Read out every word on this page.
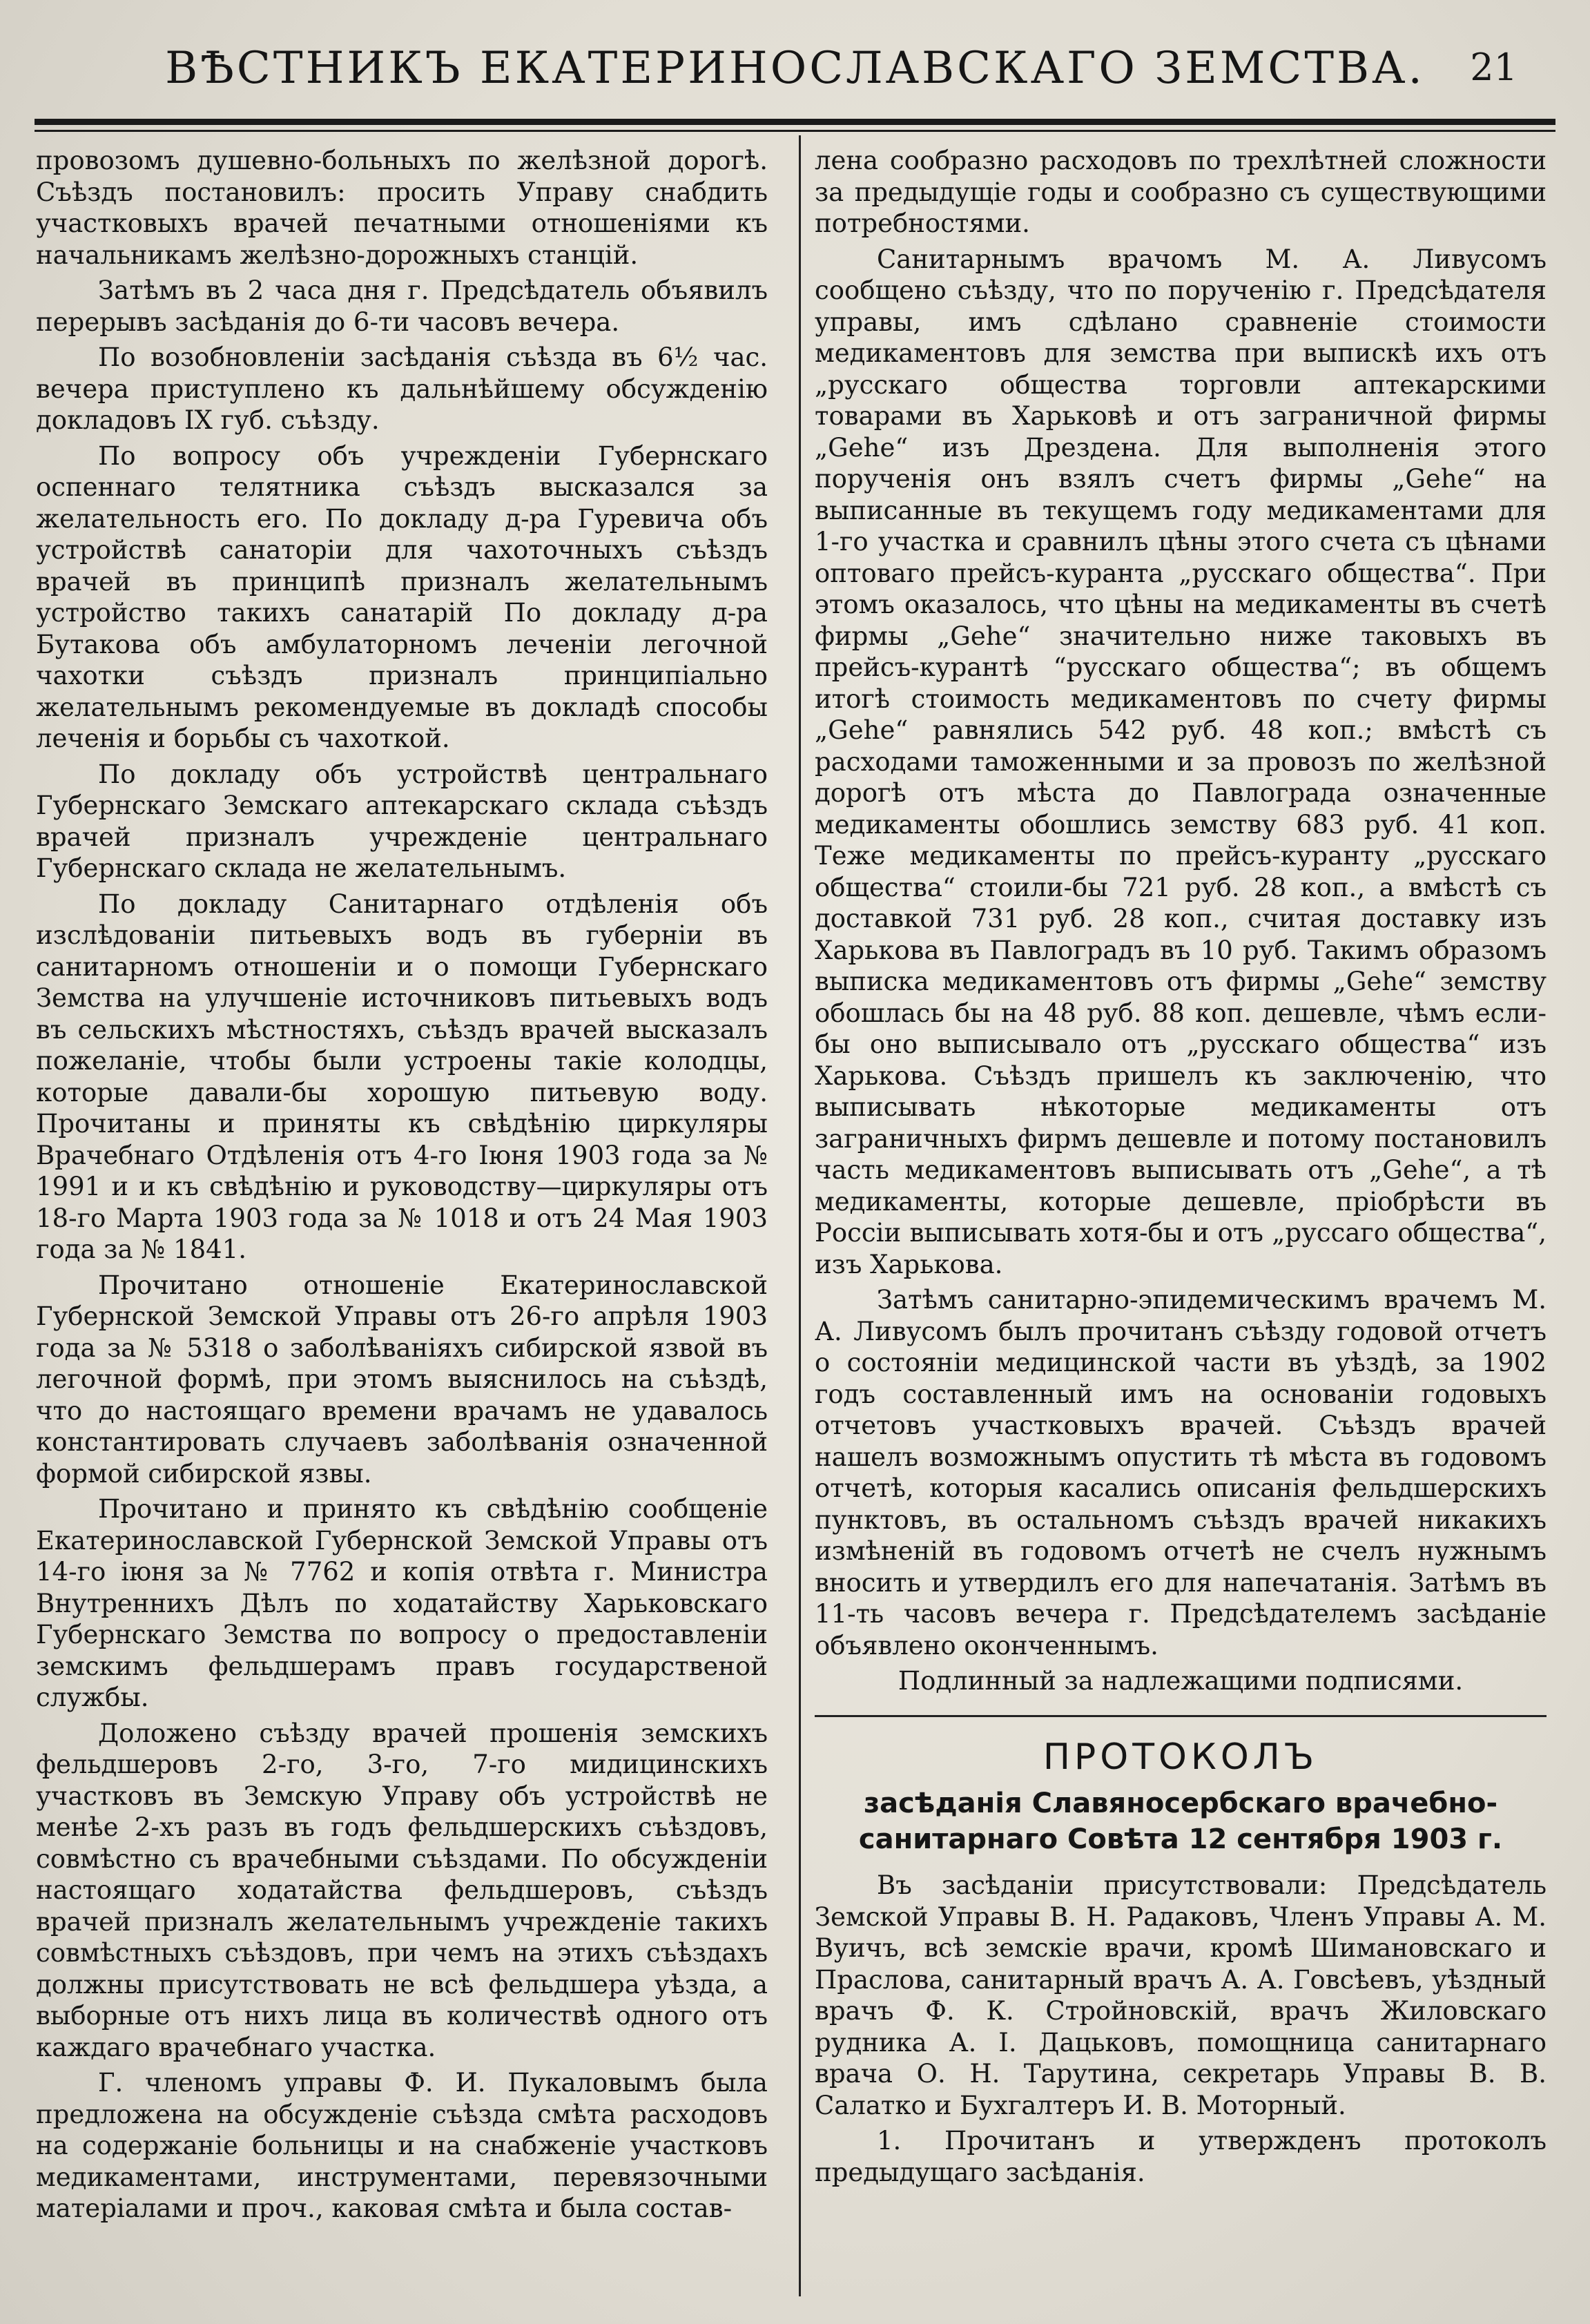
ВѢСТНИКЪ ЕКАТЕРИНОСЛАВСКАГО ЗЕМСТВА.	21

провозомъ душевно-больныхъ по желѣзной дорогѣ. Съѣздъ постановилъ: просить Управу снабдить участковыхъ врачей печатными отношеніями къ начальникамъ желѣзно-дорожныхъ станцій.

Затѣмъ въ 2 часа дня г. Предсѣдатель объявилъ перерывъ засѣданія до 6-ти часовъ вечера.

По возобновленіи засѣданія съѣзда въ 6½ час. вечера приступлено къ дальнѣйшему обсужденію докладовъ IX губ. съѣзду.

По вопросу объ учрежденіи Губернскаго оспеннаго телятника съѣздъ высказался за желательность его. По докладу д-ра Гуревича объ устройствѣ санаторіи для чахоточныхъ съѣздъ врачей въ принципѣ призналъ желательнымъ устройство такихъ санатарій По докладу д-ра Бутакова объ амбулаторномъ леченіи легочной чахотки съѣздъ призналъ принципіально желательнымъ рекомендуемые въ докладѣ способы леченія и борьбы съ чахоткой.

По докладу объ устройствѣ центральнаго Губернскаго Земскаго аптекарскаго склада съѣздъ врачей призналъ учрежденіе центральнаго Губернскаго склада не желательнымъ.

По докладу Санитарнаго отдѣленія объ изслѣдованіи питьевыхъ водъ въ губерніи въ санитарномъ отношеніи и о помощи Губернскаго Земства на улучшеніе источниковъ питьевыхъ водъ въ сельскихъ мѣстностяхъ, съѣздъ врачей высказалъ пожеланіе, чтобы были устроены такіе колодцы, которые давали-бы хорошую питьевую воду. Прочитаны и приняты къ свѣдѣнію циркуляры Врачебнаго Отдѣленія отъ 4-го Іюня 1903 года за № 1991 и и къ свѣдѣнію и руководству—циркуляры отъ 18-го Марта 1903 года за № 1018 и отъ 24 Мая 1903 года за № 1841.

Прочитано отношеніе Екатеринославской Губернской Земской Управы отъ 26-го апрѣля 1903 года за № 5318 о заболѣваніяхъ сибирской язвой въ легочной формѣ, при этомъ выяснилось на съѣздѣ, что до настоящаго времени врачамъ не удавалось константировать случаевъ заболѣванія означенной формой сибирской язвы.

Прочитано и принято къ свѣдѣнію сообщеніе Екатеринославской Губернской Земской Управы отъ 14-го іюня за № 7762 и копія отвѣта г. Министра Внутреннихъ Дѣлъ по ходатайству Харьковскаго Губернскаго Земства по вопросу о предоставленіи земскимъ фельдшерамъ правъ государственой службы.

Доложено съѣзду врачей прошенія земскихъ фельдшеровъ 2-го, 3-го, 7-го мидицинскихъ участковъ въ Земскую Управу объ устройствѣ не менѣе 2-хъ разъ въ годъ фельдшерскихъ съѣздовъ, совмѣстно съ врачебными съѣздами. По обсужденіи настоящаго ходатайства фельдшеровъ, съѣздъ врачей призналъ желательнымъ учрежденіе такихъ совмѣстныхъ съѣздовъ, при чемъ на этихъ съѣздахъ должны присутствовать не всѣ фельдшера уѣзда, а выборные отъ нихъ лица въ количествѣ одного отъ каждаго врачебнаго участка.

Г. членомъ управы Ф. И. Пукаловымъ была предложена на обсужденіе съѣзда смѣта расходовъ на содержаніе больницы и на снабженіе участковъ медикаментами, инструментами, перевязочными матеріалами и проч., каковая смѣта и была состав-

лена сообразно расходовъ по трехлѣтней сложности за предыдущіе годы и сообразно съ существующими потребностями.

Санитарнымъ врачомъ М. А. Ливусомъ сообщено съѣзду, что по порученію г. Предсѣдателя управы, имъ сдѣлано сравненіе стоимости медикаментовъ для земства при выпискѣ ихъ отъ „русскаго общества торговли аптекарскими товарами въ Харьковѣ и отъ заграничной фирмы „Gehe“ изъ Дрездена. Для выполненія этого порученія онъ взялъ счетъ фирмы „Gehe“ на выписанные въ текущемъ году медикаментами для 1-го участка и сравнилъ цѣны этого счета съ цѣнами оптоваго прейсъ-куранта „русскаго общества“. При этомъ оказалось, что цѣны на медикаменты въ счетѣ фирмы „Gehe“ значительно ниже таковыхъ въ прейсъ-курантѣ “русскаго общества“; въ общемъ итогѣ стоимость медикаментовъ по счету фирмы „Gehe“ равнялись 542 руб. 48 коп.; вмѣстѣ съ расходами таможенными и за провозъ по желѣзной дорогѣ отъ мѣста до Павлограда означенные медикаменты обошлись земству 683 руб. 41 коп. Теже медикаменты по прейсъ-куранту „русскаго общества“ стоили-бы 721 руб. 28 коп., а вмѣстѣ съ доставкой 731 руб. 28 коп., считая доставку изъ Харькова въ Павлоградъ въ 10 руб. Такимъ образомъ выписка медикаментовъ отъ фирмы „Gehe“ земству обошлась бы на 48 руб. 88 коп. дешевле, чѣмъ если-бы оно выписывало отъ „русскаго общества“ изъ Харькова. Съѣздъ пришелъ къ заключенію, что выписывать нѣкоторые медикаменты отъ заграничныхъ фирмъ дешевле и потому постановилъ часть медикаментовъ выписывать отъ „Gehe“, а тѣ медикаменты, которые дешевле, пріобрѣсти въ Россіи выписывать хотя-бы и отъ „руссаго общества“, изъ Харькова.

Затѣмъ санитарно-эпидемическимъ врачемъ М. А. Ливусомъ былъ прочитанъ съѣзду годовой отчетъ о состояніи медицинской части въ уѣздѣ, за 1902 годъ составленный имъ на основаніи годовыхъ отчетовъ участковыхъ врачей. Съѣздъ врачей нашелъ возможнымъ опустить тѣ мѣста въ годовомъ отчетѣ, которыя касались описанія фельдшерскихъ пунктовъ, въ остальномъ съѣздъ врачей никакихъ измѣненій въ годовомъ отчетѣ не счелъ нужнымъ вносить и утвердилъ его для напечатанія. Затѣмъ въ 11-ть часовъ вечера г. Предсѣдателемъ засѣданіе объявлено оконченнымъ.

Подлинный за надлежащими подписями.

ПРОТОКОЛЪ
засѣданія Славяносербскаго врачебно-санитарнаго Совѣта 12 сентября 1903 г.

Въ засѣданіи присутствовали: Предсѣдатель Земской Управы В. Н. Радаковъ, Членъ Управы А. М. Вуичъ, всѣ земскіе врачи, кромѣ Шимановскаго и Праслова, санитарный врачъ А. А. Говсѣевъ, уѣздный врачъ Ф. К. Стройновскій, врачъ Жиловскаго рудника А. І. Дацьковъ, помощница санитарнаго врача О. Н. Тарутина, секретарь Управы В. В. Салатко и Бухгалтеръ И. В. Моторный.

1. Прочитанъ и утвержденъ протоколъ предыдущаго засѣданія.
